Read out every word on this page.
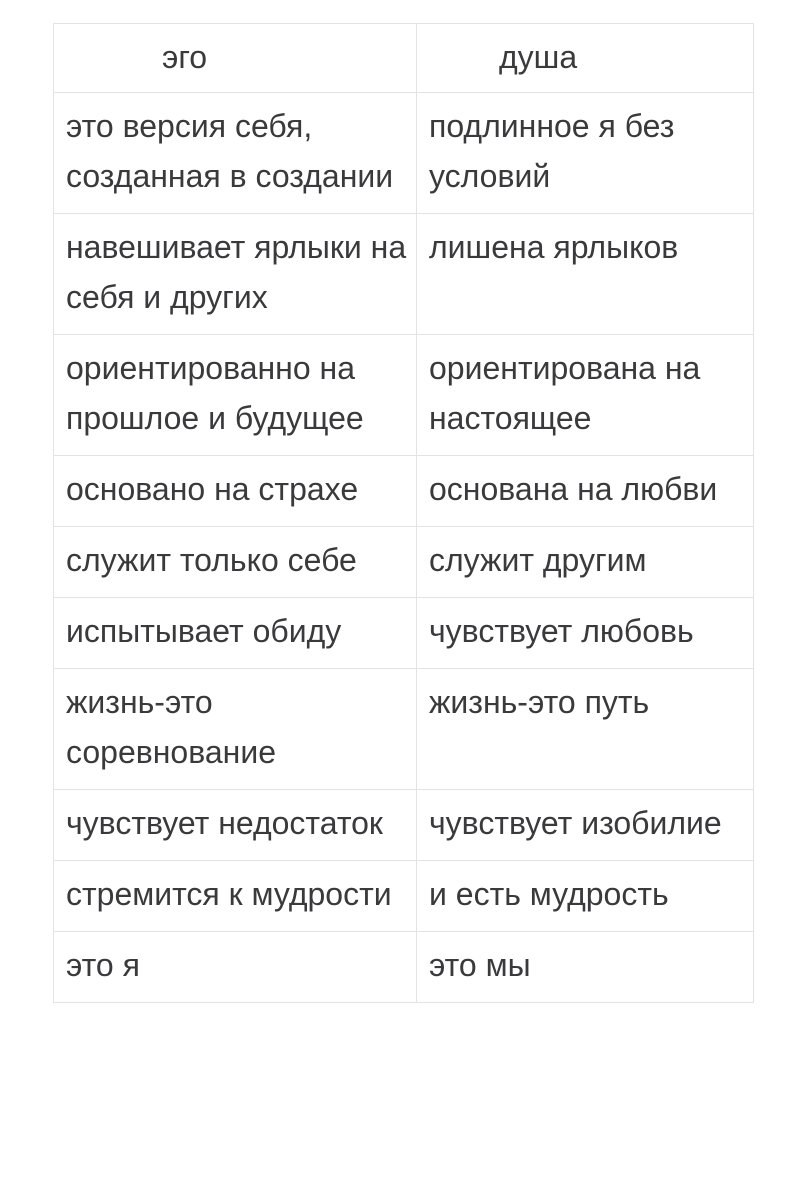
эго	душа
это версия себя, созданная в создании	подлинное я без условий
навешивает ярлыки на себя и других	лишена ярлыков
ориентированно на прошлое и будущее	ориентирована на настоящее
основано на страхе	основана на любви
служит только себе	служит другим
испытывает обиду	чувствует любовь
жизнь-это соревнование	жизнь-это путь
чувствует недостаток	чувствует изобилие
стремится к мудрости	и есть мудрость
это я	это мы
